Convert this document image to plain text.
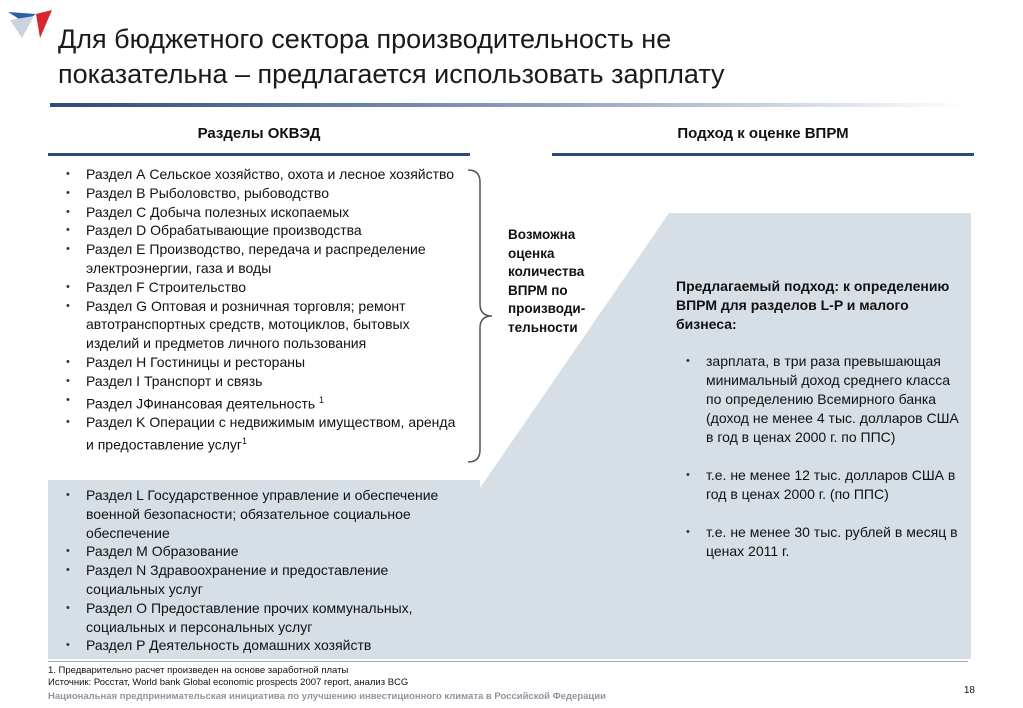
Для бюджетного сектора производительность не
показательна – предлагается использовать зарплату
Разделы ОКВЭД	Подход к оценке ВПРМ
• Раздел А Сельское хозяйство, охота и лесное хозяйство
• Раздел B Рыболовство, рыбоводство
• Раздел C Добыча полезных ископаемых
• Раздел D Обрабатывающие производства
• Раздел E Производство, передача и распределение электроэнергии, газа и воды
• Раздел F Строительство
• Раздел G Оптовая и розничная торговля; ремонт автотранспортных средств, мотоциклов, бытовых изделий и предметов личного пользования
• Раздел H Гостиницы и рестораны
• Раздел I Транспорт и связь
• Раздел JФинансовая деятельность $^1$
• Раздел K Операции с недвижимым имуществом, аренда и предоставление услуг$^1$
Возможна оценка количества ВПРМ по производи-тельности
• Раздел L Государственное управление и обеспечение военной безопасности; обязательное социальное обеспечение
• Раздел M Образование
• Раздел N Здравоохранение и предоставление социальных услуг
• Раздел O Предоставление прочих коммунальных, социальных и персональных услуг
• Раздел P Деятельность домашних хозяйств
Предлагаемый подход: к определению ВПРМ для разделов L-P и малого бизнеса:
• зарплата, в три раза превышающая минимальный доход среднего класса по определению Всемирного банка (доход не менее 4 тыс. долларов США в год в ценах 2000 г. по ППС)
• т.е. не менее 12 тыс. долларов США в год в ценах 2000 г. (по ППС)
• т.е. не менее 30 тыс. рублей в месяц в ценах 2011 г.
1. Предварительно расчет произведен на основе заработной платы
Источник: Росстат, World bank Global economic prospects 2007 report, анализ BCG
Национальная предпринимательская инициатива по улучшению инвестиционного климата в Российской Федерации
18
